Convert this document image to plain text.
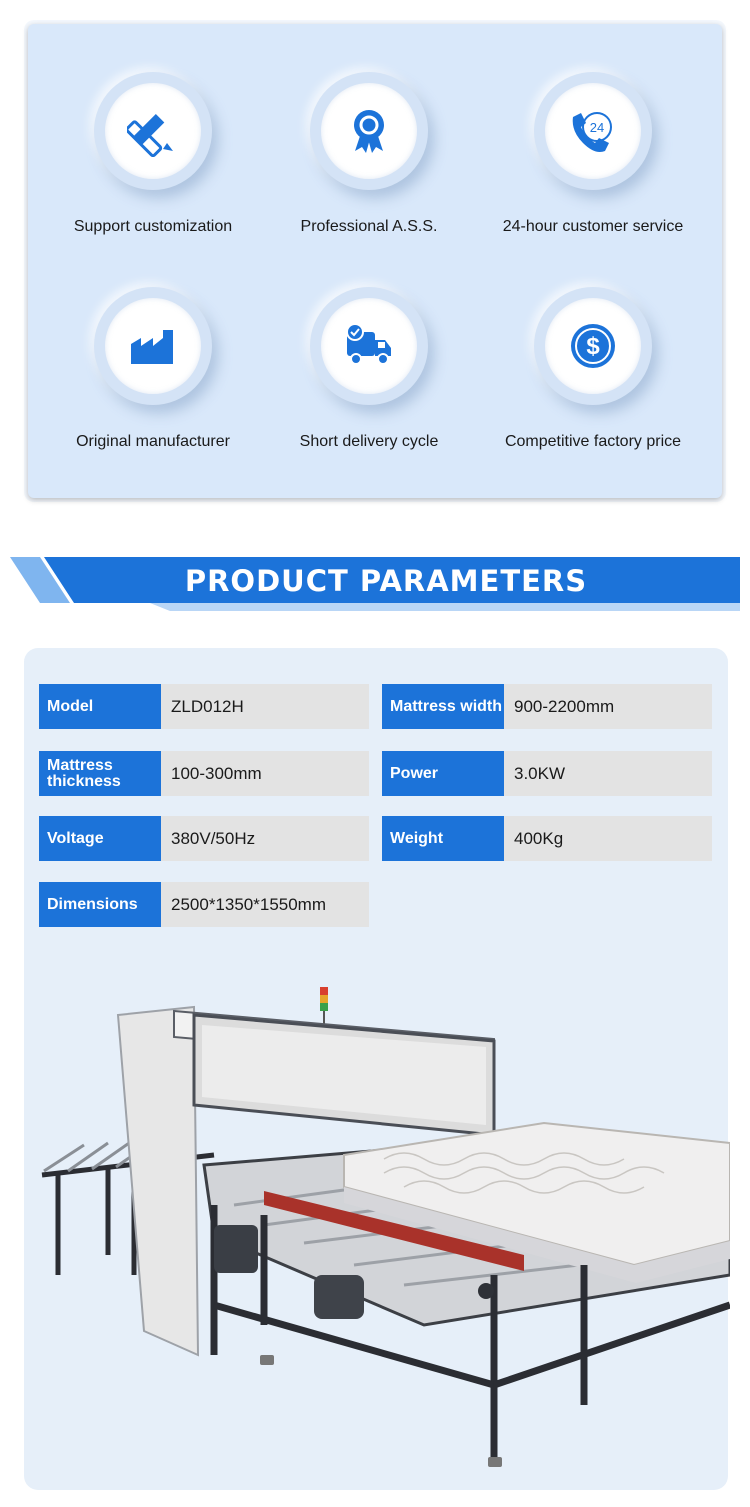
Support customization	Professional A.S.S.
24
24-hour customer service
Original manufacturer	Short delivery cycle
$
Competitive factory price
PRODUCT PARAMETERS
Model	ZLD012H	Mattress width 900-2200mm
Mattress thickness	100-300mm	Power	3.0KW
Voltage	380V/50Hz	Weight	400Kg
Dimensions	2500*1350*1550mm
